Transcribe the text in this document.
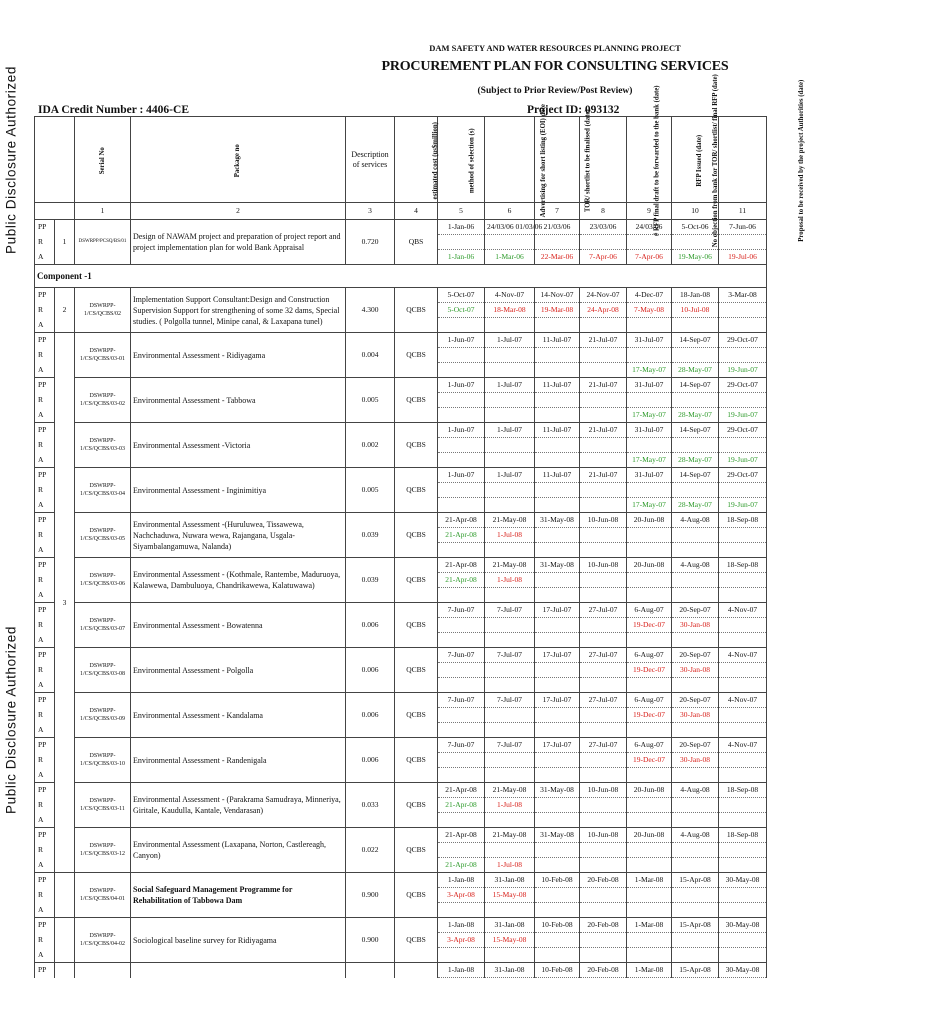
Public Disclosure Authorized
Public Disclosure Authorized
DAM SAFETY AND WATER RESOURCES PLANNING PROJECT
PROCUREMENT PLAN FOR CONSULTING SERVICES
(Subject to Prior Review/Post Review)
IDA Credit Number : 4406-CE	Project ID: 093132
		Serial No	Package no	Description of services	estimated cost (us$million)	method of selection (s)	Advertising for short listing (EOI) date	TOR/ shortlist to be finalised (date)	# RFP final draft to be forwarded to the bank (date)	No objection from bank for TOR/ shortlist/ final RFP (date)	RFP Issued (date)	Proposal to be received by the project Authorities (date)	
		1	2	3	4	5	6	7	8	9	10	11	
PP	1	DSWRPP/PCSQ/BS/01	Design of NAWAM project and preparation of project report and project implementation plan for wold Bank Appraisal	0.720	QBS	1-Jan-06	24/03/06 01/03/06	21/03/06	23/03/06	24/03/06	5-Oct-06	7-Jun-06	
R													
A						1-Jan-06	1-Mar-06	22-Mar-06	7-Apr-06	7-Apr-06	19-May-06	19-Jul-06	
Component -1													
PP	2	DSWRPP-1/CS/QCBS/02	Implementation Support Consultant:Design and Construction Supervision Support for strengthening of some 32 dams, Special studies. ( Polgolla tunnel, Minipe canal, & Laxapana tunel)	4.300	QCBS	5-Oct-07	4-Nov-07	14-Nov-07	24-Nov-07	4-Dec-07	18-Jan-08	3-Mar-08	
R						5-Oct-07	18-Mar-08	19-Mar-08	24-Apr-08	7-May-08	10-Jul-08		
A													
PP	3	DSWRPP-1/CS/QCBS/03-01	Environmental Assessment - Ridiyagama	0.004	QCBS	1-Jun-07	1-Jul-07	11-Jul-07	21-Jul-07	31-Jul-07	14-Sep-07	29-Oct-07	
R													
A										17-May-07	28-May-07	19-Jun-07	
PP		DSWRPP-1/CS/QCBS/03-02	Environmental Assessment - Tabbowa	0.005	QCBS	1-Jun-07	1-Jul-07	11-Jul-07	21-Jul-07	31-Jul-07	14-Sep-07	29-Oct-07	
R													
A										17-May-07	28-May-07	19-Jun-07	
PP		DSWRPP-1/CS/QCBS/03-03	Environmental Assessment -Victoria	0.002	QCBS	1-Jun-07	1-Jul-07	11-Jul-07	21-Jul-07	31-Jul-07	14-Sep-07	29-Oct-07	
R													
A										17-May-07	28-May-07	19-Jun-07	
PP		DSWRPP-1/CS/QCBS/03-04	Environmental Assessment - Inginimitiya	0.005	QCBS	1-Jun-07	1-Jul-07	11-Jul-07	21-Jul-07	31-Jul-07	14-Sep-07	29-Oct-07	
R													
A										17-May-07	28-May-07	19-Jun-07	
PP		DSWRPP-1/CS/QCBS/03-05	Environmental Assessment -(Huruluwea, Tissawewa, Nachchaduwa, Nuwara wewa, Rajangana, Usgala-Siyambalangamuwa, Nalanda)	0.039	QCBS	21-Apr-08	21-May-08	31-May-08	10-Jun-08	20-Jun-08	4-Aug-08	18-Sep-08	
R						21-Apr-08	1-Jul-08						
A													
PP		DSWRPP-1/CS/QCBS/03-06	Environmental Assessment - (Kothmale, Rantembe, Maduruoya, Kalawewa, Dambuluoya, Chandrikawewa, Kalatuwawa)	0.039	QCBS	21-Apr-08	21-May-08	31-May-08	10-Jun-08	20-Jun-08	4-Aug-08	18-Sep-08	
R						21-Apr-08	1-Jul-08						
A													
PP		DSWRPP-1/CS/QCBS/03-07	Environmental Assessment - Bowatenna	0.006	QCBS	7-Jun-07	7-Jul-07	17-Jul-07	27-Jul-07	6-Aug-07	20-Sep-07	4-Nov-07	
R										19-Dec-07	30-Jan-08		
A													
PP		DSWRPP-1/CS/QCBS/03-08	Environmental Assessment - Polgolla	0.006	QCBS	7-Jun-07	7-Jul-07	17-Jul-07	27-Jul-07	6-Aug-07	20-Sep-07	4-Nov-07	
R										19-Dec-07	30-Jan-08		
A													
PP		DSWRPP-1/CS/QCBS/03-09	Environmental Assessment - Kandalama	0.006	QCBS	7-Jun-07	7-Jul-07	17-Jul-07	27-Jul-07	6-Aug-07	20-Sep-07	4-Nov-07	
R										19-Dec-07	30-Jan-08		
A													
PP		DSWRPP-1/CS/QCBS/03-10	Environmental Assessment - Randenigala	0.006	QCBS	7-Jun-07	7-Jul-07	17-Jul-07	27-Jul-07	6-Aug-07	20-Sep-07	4-Nov-07	
R										19-Dec-07	30-Jan-08		
A													
PP		DSWRPP-1/CS/QCBS/03-11	Environmental Assessment - (Parakrama Samudraya, Minneriya, Giritale, Kaudulla, Kantale, Vendarasan)	0.033	QCBS	21-Apr-08	21-May-08	31-May-08	10-Jun-08	20-Jun-08	4-Aug-08	18-Sep-08	
R						21-Apr-08	1-Jul-08						
A													
PP		DSWRPP-1/CS/QCBS/03-12	Environmental Assessment (Laxapana, Norton, Castlereagh, Canyon)	0.022	QCBS	21-Apr-08	21-May-08	31-May-08	10-Jun-08	20-Jun-08	4-Aug-08	18-Sep-08	
R													
A						21-Apr-08	1-Jul-08						
PP		DSWRPP-1/CS/QCBS/04-01	Social Safeguard Management Programme for Rehabilitation of Tabbowa Dam	0.900	QCBS	1-Jan-08	31-Jan-08	10-Feb-08	20-Feb-08	1-Mar-08	15-Apr-08	30-May-08	
R						3-Apr-08	15-May-08						
A													
PP		DSWRPP-1/CS/QCBS/04-02	Sociological baseline survey for Ridiyagama	0.900	QCBS	1-Jan-08	31-Jan-08	10-Feb-08	20-Feb-08	1-Mar-08	15-Apr-08	30-May-08	
R						3-Apr-08	15-May-08						
A													
PP						1-Jan-08	31-Jan-08	10-Feb-08	20-Feb-08	1-Mar-08	15-Apr-08	30-May-08	
